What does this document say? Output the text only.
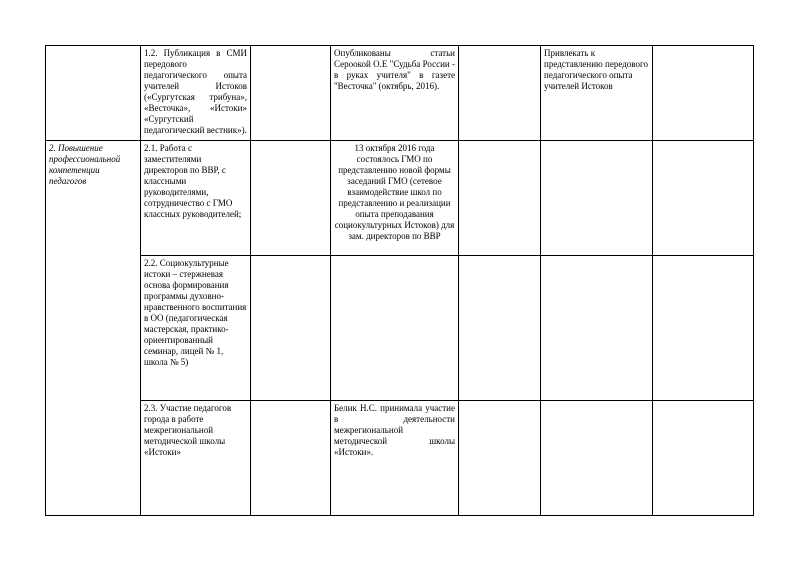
	1.2. Публикация в СМИ передового педагогического опыта учителей Истоков («Сургутская трибуна», «Весточка», «Истоки» «Сургутский педагогический вестник»).		Опубликованы статьи Сероокой О.Е "Судьба России - в руках учителя" в газете "Весточка" (октябрь, 2016).		Привлекать к представлению передового педагогического опыта учителей Истоков	
2. Повышение профессиональной компетенции педагогов	2.1. Работа с заместителями директоров по ВВР, с классными руководителями, сотрудничество с ГМО классных руководителей;		13 октября 2016 года состоялось ГМО по представлению новой формы заседаний ГМО (сетевое взаимодействие школ по представлению и реализации опыта преподавания социокультурных Истоков) для зам. директоров по ВВР			
	2.2. Социокультурные истоки – стержневая основа формирования программы духовно-нравственного воспитания в ОО (педагогическая мастерская, практико-ориентированный семинар, лицей № 1, школа № 5)					
	2.3. Участие педагогов города в работе межрегиональной методической школы «Истоки»		Белик Н.С. принимала участие в деятельности межрегиональной методической школы «Истоки».			
